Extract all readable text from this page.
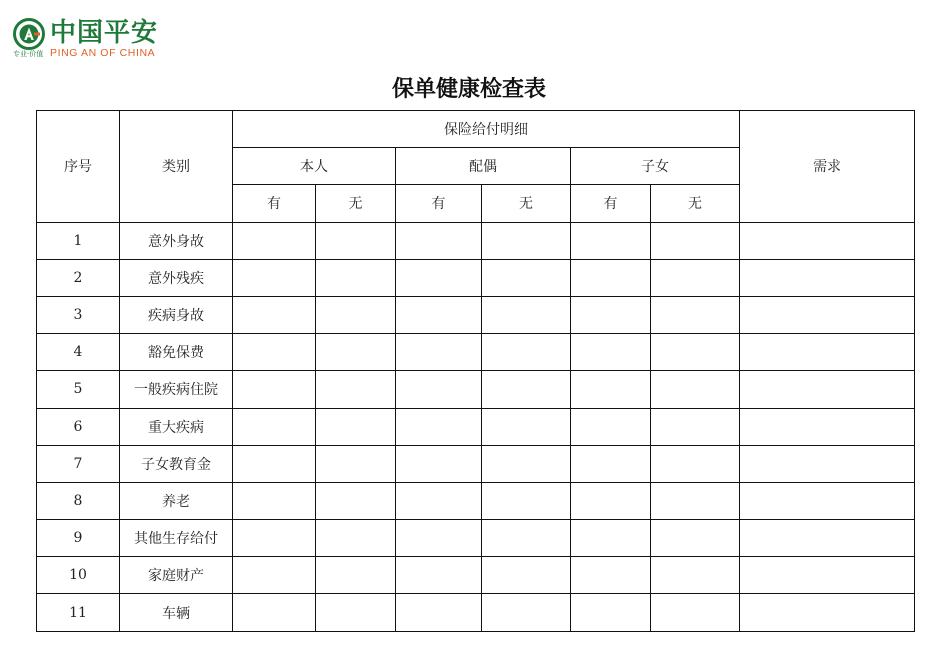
中国平安
专业·价值 PING AN OF CHINA
保单健康检查表
序号	类别	保险给付明细						需求
		本人		配偶		子女		
		有	无	有	无	有	无	
1	意外身故							
2	意外残疾							
3	疾病身故							
4	豁免保费							
5	一般疾病住院							
6	重大疾病							
7	子女教育金							
8	养老							
9	其他生存给付							
10	家庭财产							
11	车辆							
